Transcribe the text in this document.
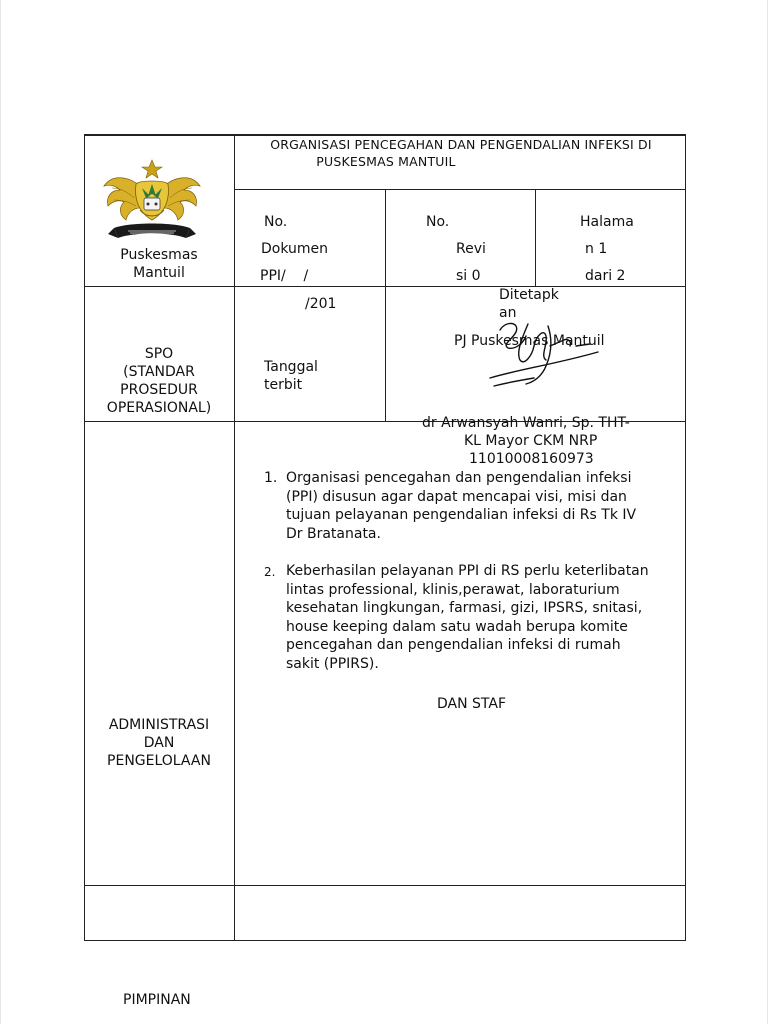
Puskesmas
Mantuil
ORGANISASI PENCEGAHAN DAN PENGENDALIAN INFEKSI DI
PUSKESMAS MANTUIL
No.
Dokumen
PPI/    /
/201
No.
Revi
si 0
Halama
n 1
dari 2
SPO
(STANDAR
PROSEDUR
OPERASIONAL)
Tanggal
terbit
Ditetapk
an
PJ Puskesmas Mantuil
dr Arwansyah Wanri, Sp. THT-
KL Mayor CKM NRP
11010008160973
ADMINISTRASI
DAN
PENGELOLAAN
1. Organisasi pencegahan dan pengendalian infeksi
(PPI) disusun agar dapat mencapai visi, misi dan
tujuan pelayanan pengendalian infeksi di Rs Tk IV
Dr Bratanata.
2. Keberhasilan pelayanan PPI di RS perlu keterlibatan
lintas professional, klinis,perawat, laboraturium
kesehatan lingkungan, farmasi, gizi, IPSRS, snitasi,
house keeping dalam satu wadah berupa komite
pencegahan dan pengendalian infeksi di rumah
sakit (PPIRS).
DAN STAF
PIMPINAN
